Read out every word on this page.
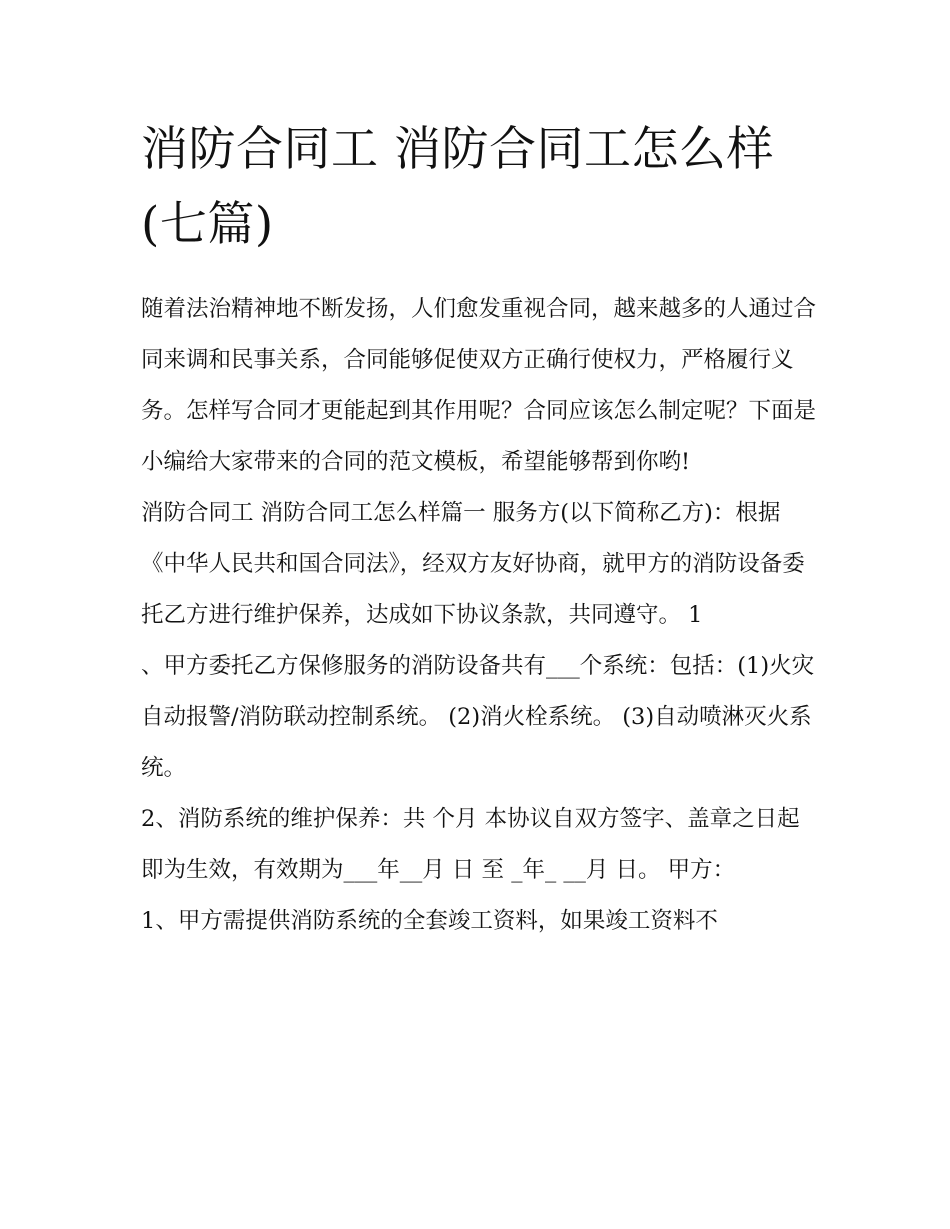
消防合同工 消防合同工怎么样(七篇)

随着法治精神地不断发扬，人们愈发重视合同，越来越多的人通过合同来调和民事关系，合同能够促使双方正确行使权力，严格履行义务。怎样写合同才更能起到其作用呢？合同应该怎么制定呢？下面是小编给大家带来的合同的范文模板，希望能够帮到你哟!

消防合同工 消防合同工怎么样篇一 服务方(以下简称乙方)：根据《中华人民共和国合同法》，经双方友好协商，就甲方的消防设备委托乙方进行维护保养，达成如下协议条款，共同遵守。 1

、甲方委托乙方保修服务的消防设备共有___个系统：包括：(1)火灾自动报警/消防联动控制系统。 (2)消火栓系统。 (3)自动喷淋灭火系统。

2、消防系统的维护保养：共 个月 本协议自双方签字、盖章之日起即为生效，有效期为___年__月 日 至 _年_ __月 日。 甲方：

1、甲方需提供消防系统的全套竣工资料，如果竣工资料不
